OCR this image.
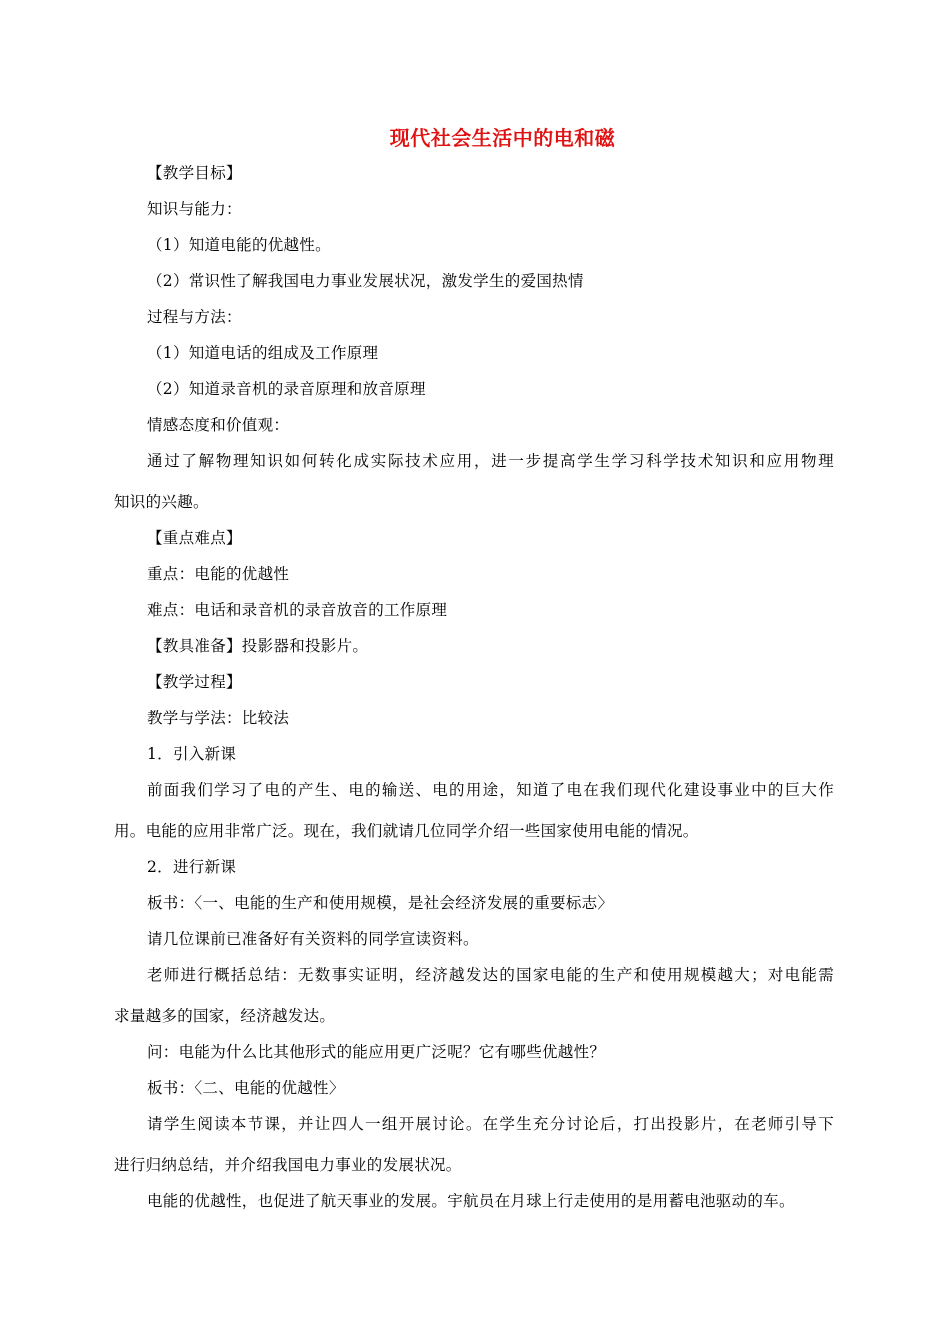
现代社会生活中的电和磁
【教学目标】
知识与能力：
（1）知道电能的优越性。
（2）常识性了解我国电力事业发展状况，激发学生的爱国热情
过程与方法：
（1）知道电话的组成及工作原理
（2）知道录音机的录音原理和放音原理
情感态度和价值观：
通过了解物理知识如何转化成实际技术应用，进一步提高学生学习科学技术知识和应用物理
知识的兴趣。
【重点难点】
重点：电能的优越性
难点：电话和录音机的录音放音的工作原理
【教具准备】投影器和投影片。
【教学过程】
教学与学法：比较法
1．引入新课
前面我们学习了电的产生、电的输送、电的用途，知道了电在我们现代化建设事业中的巨大作
用。电能的应用非常广泛。现在，我们就请几位同学介绍一些国家使用电能的情况。
2．进行新课
板书：〈一、电能的生产和使用规模，是社会经济发展的重要标志〉
请几位课前已准备好有关资料的同学宣读资料。
老师进行概括总结：无数事实证明，经济越发达的国家电能的生产和使用规模越大；对电能需
求量越多的国家，经济越发达。
问：电能为什么比其他形式的能应用更广泛呢？它有哪些优越性？
板书：〈二、电能的优越性〉
请学生阅读本节课，并让四人一组开展讨论。在学生充分讨论后，打出投影片，在老师引导下
进行归纳总结，并介绍我国电力事业的发展状况。
电能的优越性，也促进了航天事业的发展。宇航员在月球上行走使用的是用蓄电池驱动的车。
